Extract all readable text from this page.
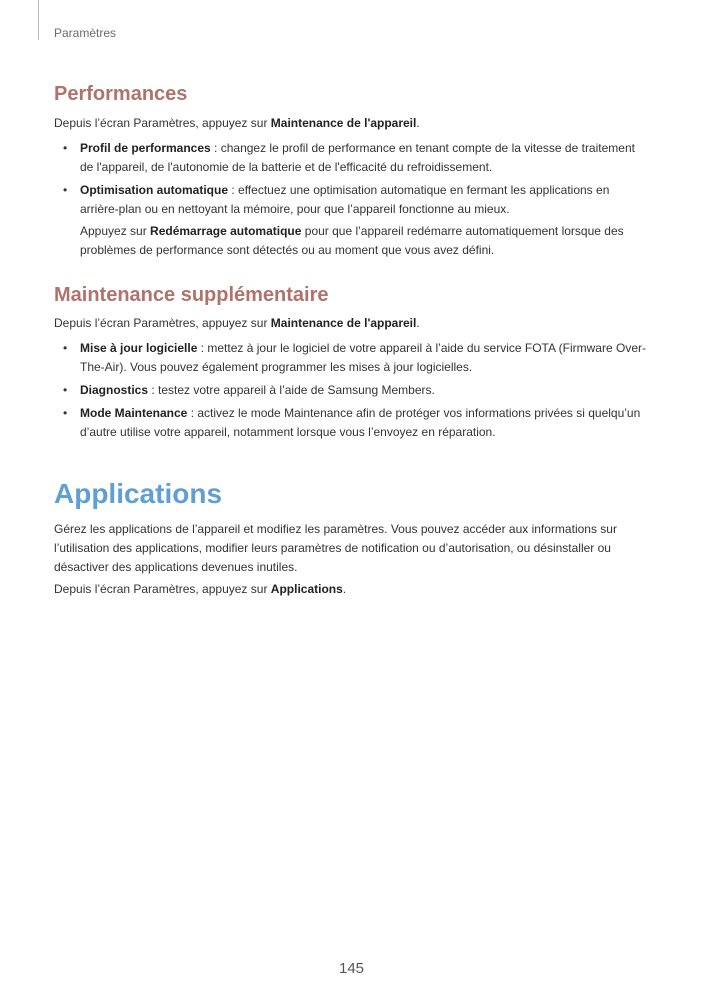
Paramètres
Performances
Depuis l’écran Paramètres, appuyez sur Maintenance de l'appareil.
• Profil de performances : changez le profil de performance en tenant compte de la vitesse de traitement de l'appareil, de l'autonomie de la batterie et de l'efficacité du refroidissement.
• Optimisation automatique : effectuez une optimisation automatique en fermant les applications en arrière-plan ou en nettoyant la mémoire, pour que l’appareil fonctionne au mieux.
Appuyez sur Redémarrage automatique pour que l’appareil redémarre automatiquement lorsque des problèmes de performance sont détectés ou au moment que vous avez défini.
Maintenance supplémentaire
Depuis l’écran Paramètres, appuyez sur Maintenance de l'appareil.
• Mise à jour logicielle : mettez à jour le logiciel de votre appareil à l’aide du service FOTA (Firmware Over-The-Air). Vous pouvez également programmer les mises à jour logicielles.
• Diagnostics : testez votre appareil à l’aide de Samsung Members.
• Mode Maintenance : activez le mode Maintenance afin de protéger vos informations privées si quelqu’un d’autre utilise votre appareil, notamment lorsque vous l’envoyez en réparation.
Applications
Gérez les applications de l’appareil et modifiez les paramètres. Vous pouvez accéder aux informations sur l’utilisation des applications, modifier leurs paramètres de notification ou d’autorisation, ou désinstaller ou désactiver des applications devenues inutiles.
Depuis l’écran Paramètres, appuyez sur Applications.
145
